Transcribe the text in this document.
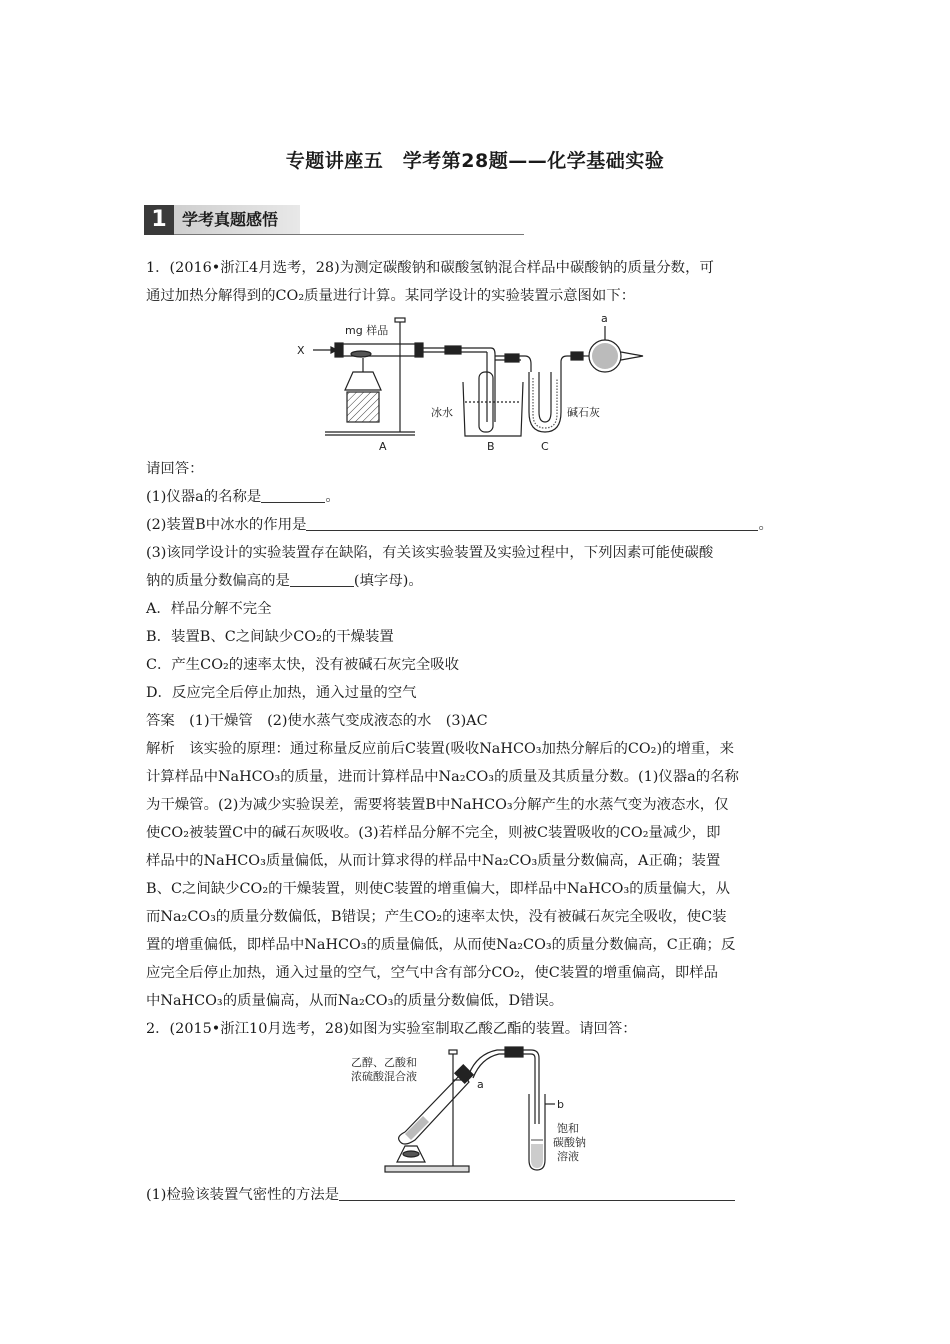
专题讲座五　学考第28题——化学基础实验
1 学考真题感悟
1．(2016•浙江4月选考，28)为测定碳酸钠和碳酸氢钠混合样品中碳酸钠的质量分数，可
通过加热分解得到的CO₂质量进行计算。某同学设计的实验装置示意图如下：
X
mg 样品
a
冰水	碱石灰
A	B	C
请回答：
(1)仪器a的名称是	。
(2)装置B中冰水的作用是	。
(3)该同学设计的实验装置存在缺陷，有关该实验装置及实验过程中，下列因素可能使碳酸
钠的质量分数偏高的是	(填字母)。
A．样品分解不完全
B．装置B、C之间缺少CO₂的干燥装置
C．产生CO₂的速率太快，没有被碱石灰完全吸收
D．反应完全后停止加热，通入过量的空气
答案　(1)干燥管　(2)使水蒸气变成液态的水　(3)AC
解析　该实验的原理：通过称量反应前后C装置(吸收NaHCO₃加热分解后的CO₂)的增重，来
计算样品中NaHCO₃的质量，进而计算样品中Na₂CO₃的质量及其质量分数。(1)仪器a的名称
为干燥管。(2)为减少实验误差，需要将装置B中NaHCO₃分解产生的水蒸气变为液态水，仅
使CO₂被装置C中的碱石灰吸收。(3)若样品分解不完全，则被C装置吸收的CO₂量减少，即
样品中的NaHCO₃质量偏低，从而计算求得的样品中Na₂CO₃质量分数偏高，A正确；装置
B、C之间缺少CO₂的干燥装置，则使C装置的增重偏大，即样品中NaHCO₃的质量偏大，从
而Na₂CO₃的质量分数偏低，B错误；产生CO₂的速率太快，没有被碱石灰完全吸收，使C装
置的增重偏低，即样品中NaHCO₃的质量偏低，从而使Na₂CO₃的质量分数偏高，C正确；反
应完全后停止加热，通入过量的空气，空气中含有部分CO₂，使C装置的增重偏高，即样品
中NaHCO₃的质量偏高，从而Na₂CO₃的质量分数偏低，D错误。
2．(2015•浙江10月选考，28)如图为实验室制取乙酸乙酯的装置。请回答：
乙醇、乙酸和
浓硫酸混合液
a
b
饱和
碳酸钠
溶液
(1)检验该装置气密性的方法是
